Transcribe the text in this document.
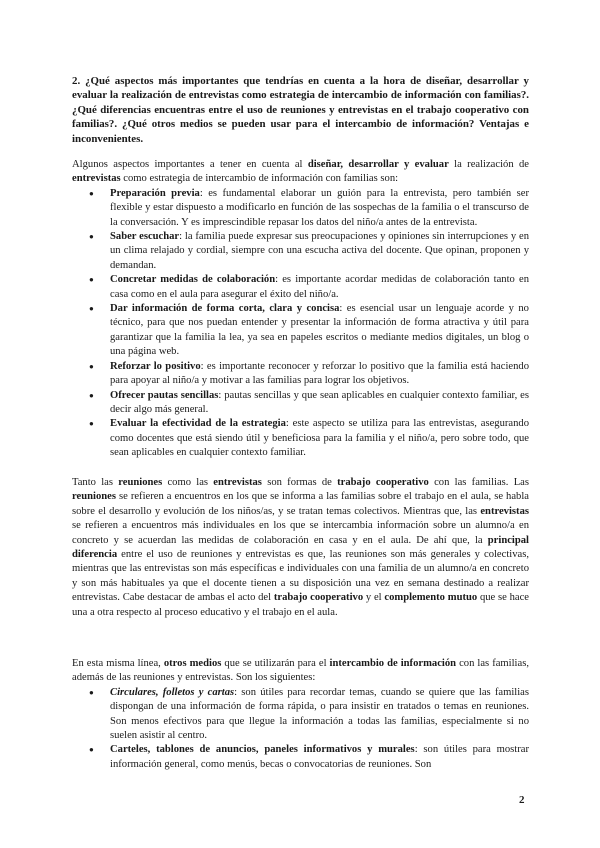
2. ¿Qué aspectos más importantes que tendrías en cuenta a la hora de diseñar, desarrollar y evaluar la realización de entrevistas como estrategia de intercambio de información con familias?. ¿Qué diferencias encuentras entre el uso de reuniones y entrevistas en el trabajo cooperativo con familias?. ¿Qué otros medios se pueden usar para el intercambio de información? Ventajas e inconvenientes.
Algunos aspectos importantes a tener en cuenta al diseñar, desarrollar y evaluar la realización de entrevistas como estrategia de intercambio de información con familias son:
● Preparación previa: es fundamental elaborar un guión para la entrevista, pero también ser flexible y estar dispuesto a modificarlo en función de las sospechas de la familia o el transcurso de la conversación. Y es imprescindible repasar los datos del niño/a antes de la entrevista.
● Saber escuchar: la familia puede expresar sus preocupaciones y opiniones sin interrupciones y en un clima relajado y cordial, siempre con una escucha activa del docente. Que opinan, proponen y demandan.
● Concretar medidas de colaboración: es importante acordar medidas de colaboración tanto en casa como en el aula para asegurar el éxito del niño/a.
● Dar información de forma corta, clara y concisa: es esencial usar un lenguaje acorde y no técnico, para que nos puedan entender y presentar la información de forma atractiva y útil para garantizar que la familia la lea, ya sea en papeles escritos o mediante medios digitales, un blog o una página web.
● Reforzar lo positivo: es importante reconocer y reforzar lo positivo que la familia está haciendo para apoyar al niño/a y motivar a las familias para lograr los objetivos.
● Ofrecer pautas sencillas: pautas sencillas y que sean aplicables en cualquier contexto familiar, es decir algo más general.
● Evaluar la efectividad de la estrategia: este aspecto se utiliza para las entrevistas, asegurando como docentes que está siendo útil y beneficiosa para la familia y el niño/a, pero sobre todo, que sean aplicables en cualquier contexto familiar.
Tanto las reuniones como las entrevistas son formas de trabajo cooperativo con las familias. Las reuniones se refieren a encuentros en los que se informa a las familias sobre el trabajo en el aula, se habla sobre el desarrollo y evolución de los niños/as, y se tratan temas colectivos. Mientras que, las entrevistas se refieren a encuentros más individuales en los que se intercambia información sobre un alumno/a en concreto y se acuerdan las medidas de colaboración en casa y en el aula. De ahí que, la principal diferencia entre el uso de reuniones y entrevistas es que, las reuniones son más generales y colectivas, mientras que las entrevistas son más específicas e individuales con una familia de un alumno/a en concreto y son más habituales ya que el docente tienen a su disposición una vez en semana destinado a realizar entrevistas. Cabe destacar de ambas el acto del trabajo cooperativo y el complemento mutuo que se hace una a otra respecto al proceso educativo y el trabajo en el aula.
En esta misma línea, otros medios que se utilizarán para el intercambio de información con las familias, además de las reuniones y entrevistas. Son los siguientes:
● Circulares, folletos y cartas: son útiles para recordar temas, cuando se quiere que las familias dispongan de una información de forma rápida, o para insistir en tratados o temas en reuniones. Son menos efectivos para que llegue la información a todas las familias, especialmente si no suelen asistir al centro.
● Carteles, tablones de anuncios, paneles informativos y murales: son útiles para mostrar información general, como menús, becas o convocatorias de reuniones. Son
2
